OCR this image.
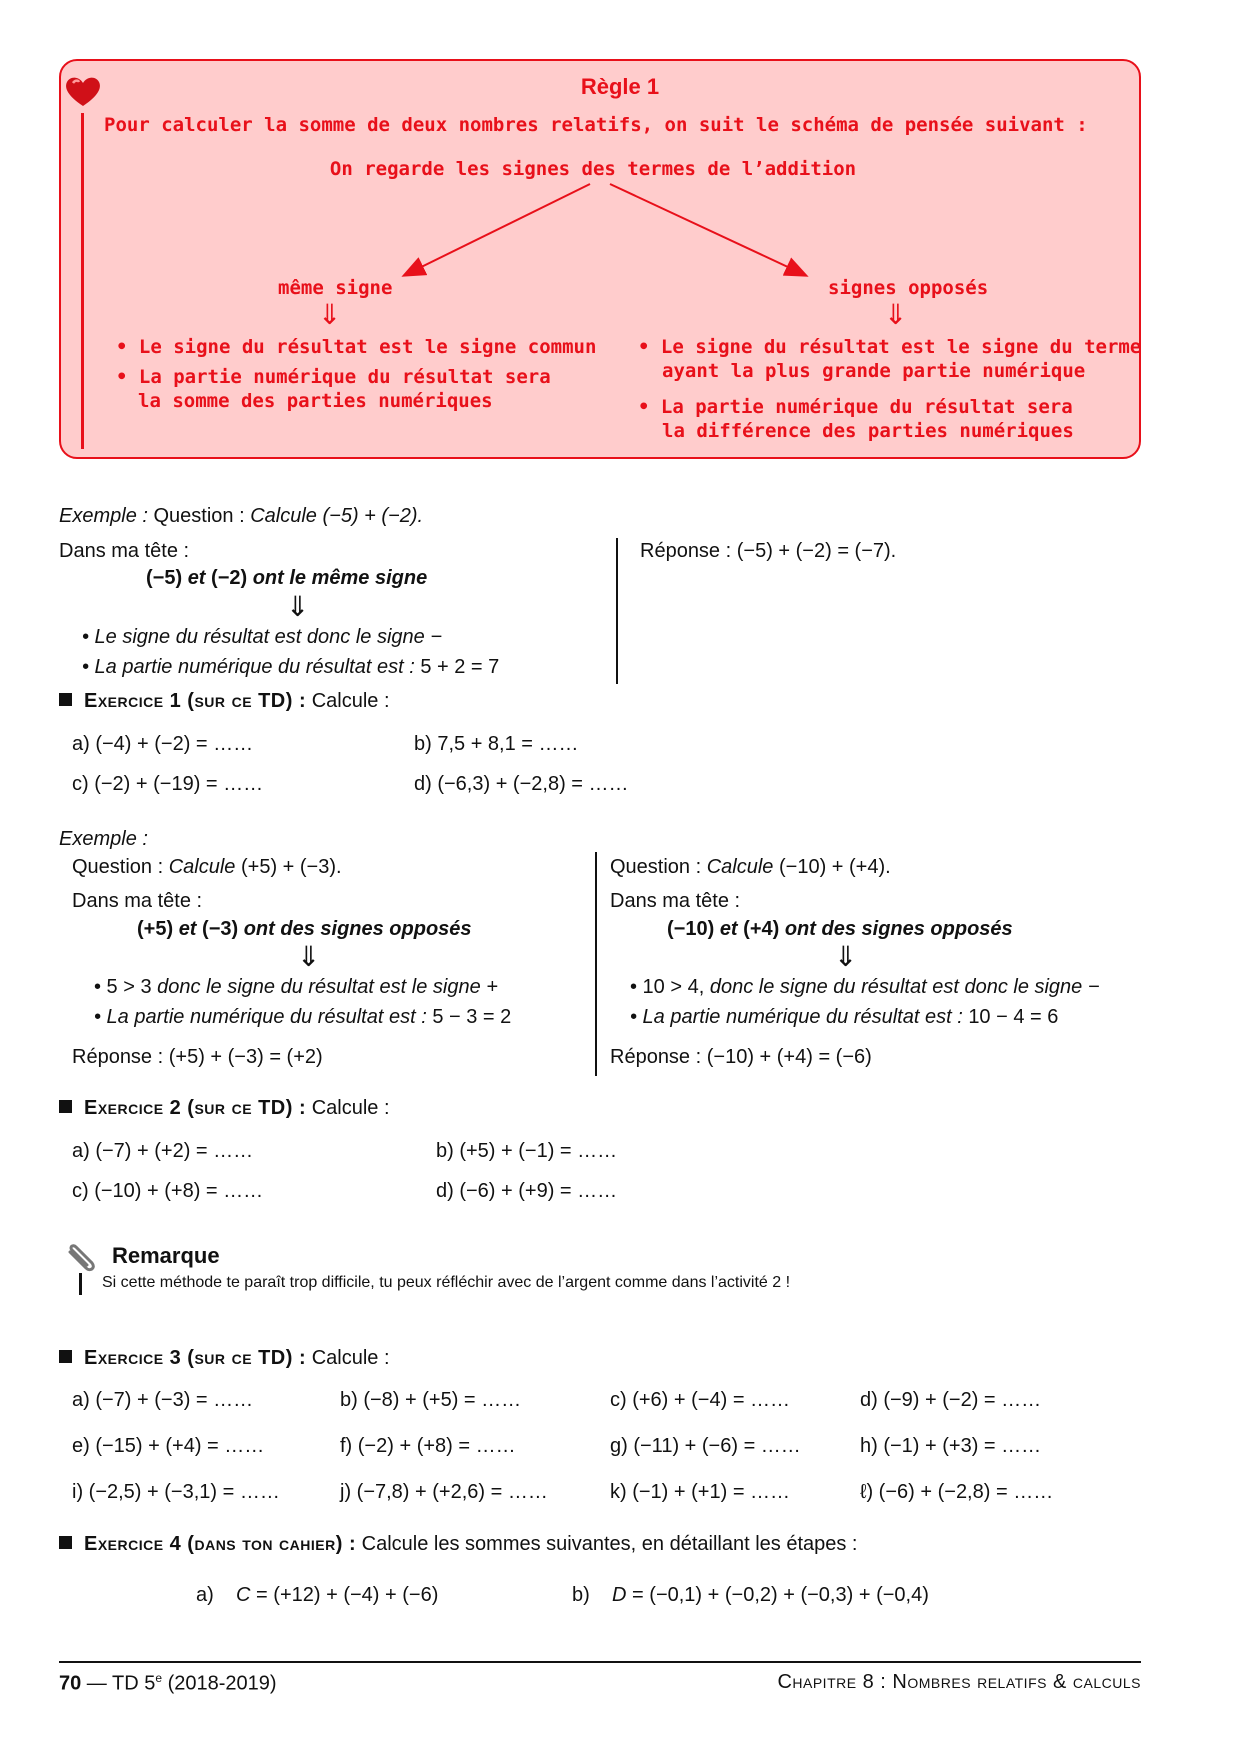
Règle 1
Pour calculer la somme de deux nombres relatifs, on suit le schéma de pensée suivant :
On regarde les signes des termes de l’addition
même signe
⇓
• Le signe du résultat est le signe commun
• La partie numérique du résultat sera
la somme des parties numériques
signes opposés
⇓
• Le signe du résultat est le signe du terme
ayant la plus grande partie numérique
• La partie numérique du résultat sera
la différence des parties numériques
Exemple : Question : Calcule (−5) + (−2).
Dans ma tête :
(−5) et (−2) ont le même signe
⇓
• Le signe du résultat est donc le signe −
• La partie numérique du résultat est : 5 + 2 = 7
Réponse : (−5) + (−2) = (−7).
Exercice 1 (sur ce TD) : Calcule :
a) (−4) + (−2) = ……	b) 7,5 + 8,1 = ……
c) (−2) + (−19) = ……	d) (−6,3) + (−2,8) = ……
Exemple :
Question : Calcule (+5) + (−3).
Dans ma tête :
(+5) et (−3) ont des signes opposés
⇓
• 5 > 3 donc le signe du résultat est le signe +
• La partie numérique du résultat est : 5 − 3 = 2
Réponse : (+5) + (−3) = (+2)
Question : Calcule (−10) + (+4).
Dans ma tête :
(−10) et (+4) ont des signes opposés
⇓
• 10 > 4, donc le signe du résultat est donc le signe −
• La partie numérique du résultat est : 10 − 4 = 6
Réponse : (−10) + (+4) = (−6)
Exercice 2 (sur ce TD) : Calcule :
a) (−7) + (+2) = ……	b) (+5) + (−1) = ……
c) (−10) + (+8) = ……	d) (−6) + (+9) = ……
Remarque
Si cette méthode te paraît trop difficile, tu peux réfléchir avec de l’argent comme dans l’activité 2 !
Exercice 3 (sur ce TD) : Calcule :
a) (−7) + (−3) = ……	b) (−8) + (+5) = ……	c) (+6) + (−4) = ……	d) (−9) + (−2) = ……
e) (−15) + (+4) = ……	f) (−2) + (+8) = ……	g) (−11) + (−6) = ……	h) (−1) + (+3) = ……
i) (−2,5) + (−3,1) = ……	j) (−7,8) + (+2,6) = ……	k) (−1) + (+1) = ……	ℓ) (−6) + (−2,8) = ……
Exercice 4 (dans ton cahier) : Calcule les sommes suivantes, en détaillant les étapes :
a) C = (+12) + (−4) + (−6)	b) D = (−0,1) + (−0,2) + (−0,3) + (−0,4)
70 — TD 5e (2018-2019)	Chapitre 8 : Nombres relatifs & calculs
